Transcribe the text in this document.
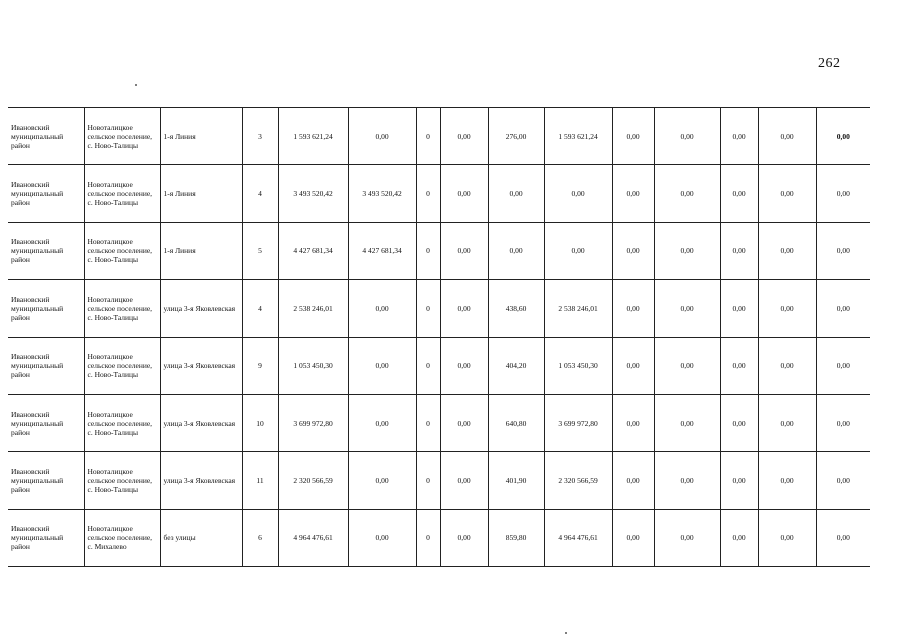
262
Ивановский муниципальный район	Новоталицкое сельское поселение, с. Ново-Талицы	1-я Линия	3	1 593 621,24	0,00	0	0,00	276,00	1 593 621,24	0,00	0,00	0,00	0,00	0,00
Ивановский муниципальный район	Новоталицкое сельское поселение, с. Ново-Талицы	1-я Линия	4	3 493 520,42	3 493 520,42	0	0,00	0,00	0,00	0,00	0,00	0,00	0,00	0,00
Ивановский муниципальный район	Новоталицкое сельское поселение, с. Ново-Талицы	1-я Линия	5	4 427 681,34	4 427 681,34	0	0,00	0,00	0,00	0,00	0,00	0,00	0,00	0,00
Ивановский муниципальный район	Новоталицкое сельское поселение, с. Ново-Талицы	улица 3-я Яковлевская	4	2 538 246,01	0,00	0	0,00	438,60	2 538 246,01	0,00	0,00	0,00	0,00	0,00
Ивановский муниципальный район	Новоталицкое сельское поселение, с. Ново-Талицы	улица 3-я Яковлевская	9	1 053 450,30	0,00	0	0,00	404,20	1 053 450,30	0,00	0,00	0,00	0,00	0,00
Ивановский муниципальный район	Новоталицкое сельское поселение, с. Ново-Талицы	улица 3-я Яковлевская	10	3 699 972,80	0,00	0	0,00	640,80	3 699 972,80	0,00	0,00	0,00	0,00	0,00
Ивановский муниципальный район	Новоталицкое сельское поселение, с. Ново-Талицы	улица 3-я Яковлевская	11	2 320 566,59	0,00	0	0,00	401,90	2 320 566,59	0,00	0,00	0,00	0,00	0,00
Ивановский муниципальный район	Новоталицкое сельское поселение, с. Михалево	без улицы	6	4 964 476,61	0,00	0	0,00	859,80	4 964 476,61	0,00	0,00	0,00	0,00	0,00
